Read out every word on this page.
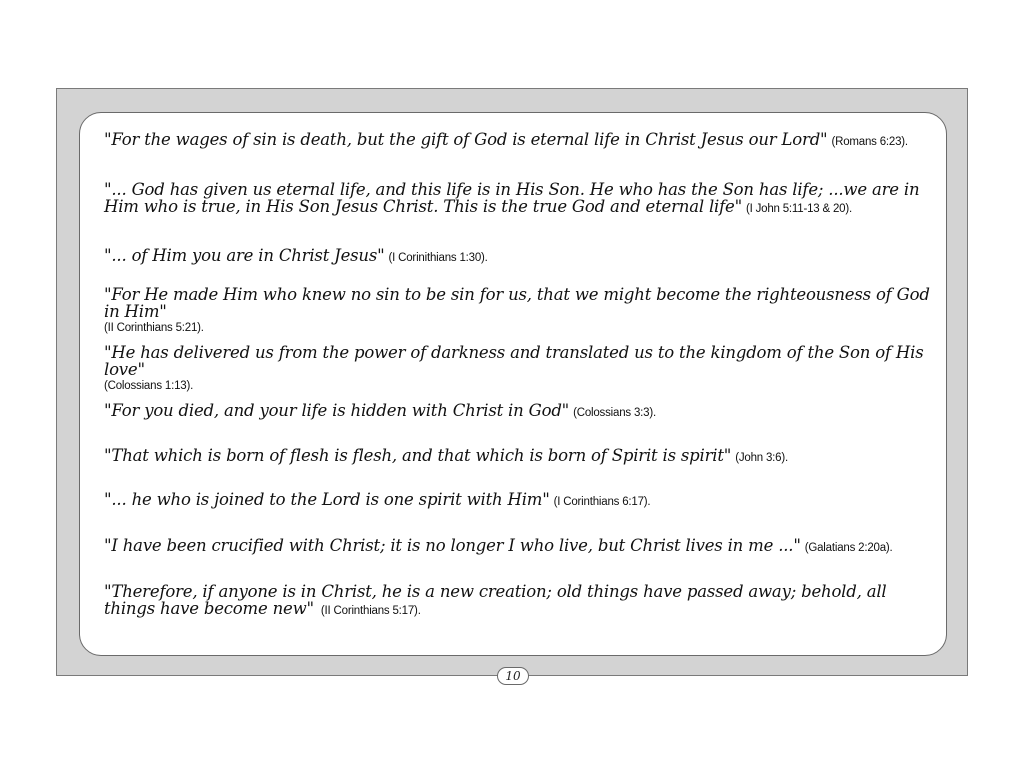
"For the wages of sin is death, but the gift of God is eternal life in Christ Jesus our Lord" (Romans 6:23).

"... God has given us eternal life, and this life is in His Son. He who has the Son has life; ...we are in Him who is true, in His Son Jesus Christ. This is the true God and eternal life" (I John 5:11-13 & 20).

"... of Him you are in Christ Jesus" (I Corinithians 1:30).

"For He made Him who knew no sin to be sin for us, that we might become the righteousness of God in Him"
(II Corinthians 5:21).

"He has delivered us from the power of darkness and translated us to the kingdom of the Son of His love"
(Colossians 1:13).

"For you died, and your life is hidden with Christ in God" (Colossians 3:3).

"That which is born of flesh is flesh, and that which is born of Spirit is spirit" (John 3:6).

"... he who is joined to the Lord is one spirit with Him" (I Corinthians 6:17).

"I have been crucified with Christ; it is no longer I who live, but Christ lives in me ..." (Galatians 2:20a).

"Therefore, if anyone is in Christ, he is a new creation; old things have passed away; behold, all things have become new" (II Corinthians 5:17).

10
